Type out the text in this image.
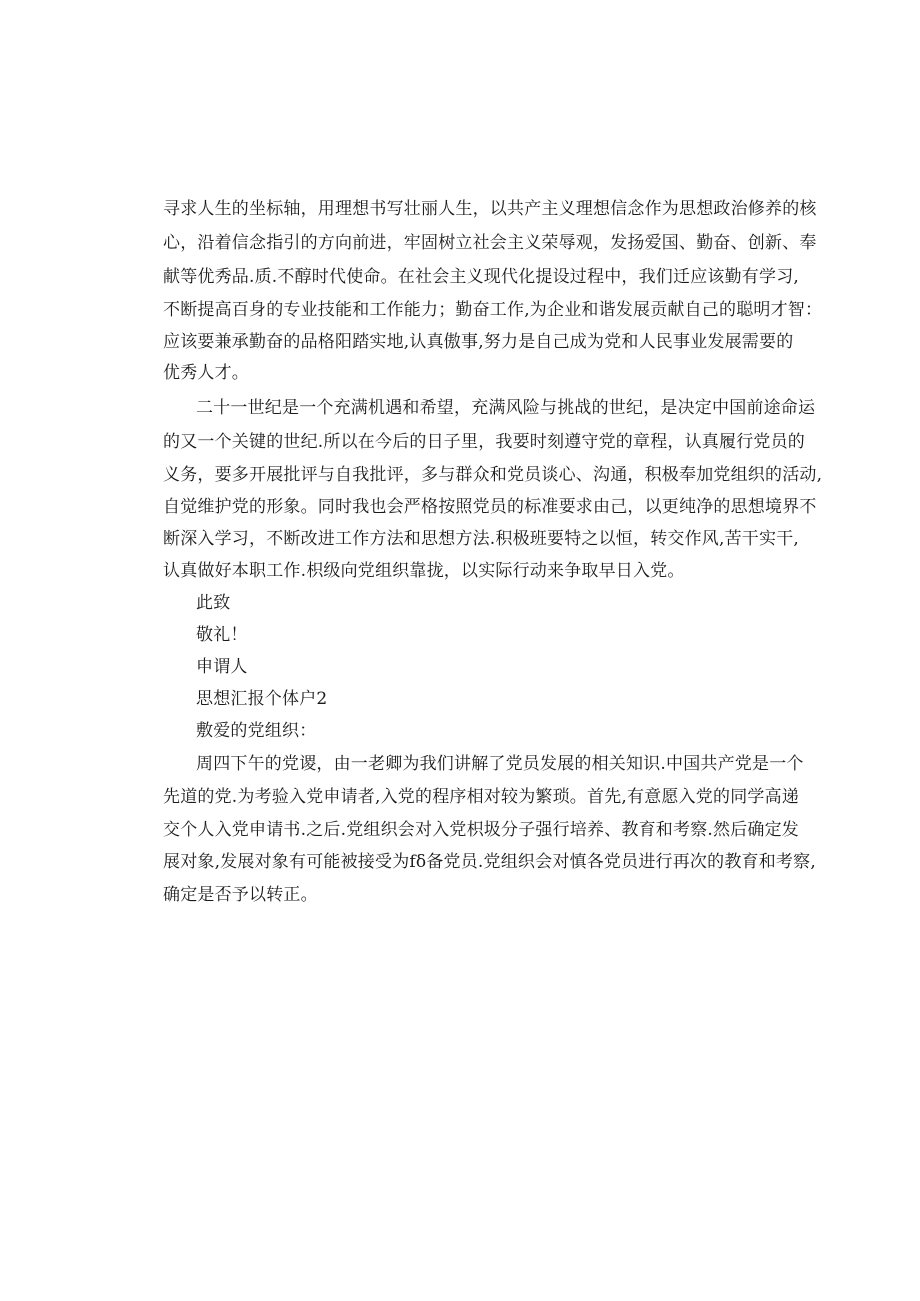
寻求人生的坐标轴，用理想书写壮丽人生，以共产主义理想信念作为思想政治修养的核
心，沿着信念指引的方向前进，牢固树立社会主义荣辱观，发扬爱国、勤奋、创新、奉
献等优秀品.质.不醇时代使命。在社会主义现代化提设过程中，我们迁应该勤有学习,
不断提高百身的专业技能和工作能力；勤奋工作,为企业和谐发展贡献自己的聪明才智：
应该要兼承勤奋的品格阳踏实地,认真傲事,努力是自己成为党和人民事业发展需要的
优秀人才。
二十一世纪是一个充满机遇和希望，充满风险与挑战的世纪，是决定中国前途命运
的又一个关键的世纪.所以在今后的日子里，我要时刻遵守党的章程，认真履行党员的
义务，要多开展批评与自我批评，多与群众和党员谈心、沟通，积极奉加党组织的活动,
自觉维护党的形象。同时我也会严格按照党员的标准要求由己，以更纯净的思想境界不
断深入学习，不断改进工作方法和思想方法.积极班要特之以恒，转交作风,苦干实干,
认真做好本职工作.枳级向党组织靠拢，以实际行动来争取早日入党。
此致
敬礼！
申谓人
思想汇报个体户2
敷爱的党组织：
周四下午的党谡，由一老卿为我们讲解了党员发展的相关知识.中国共产党是一个
先道的党.为考验入党申请者,入党的程序相对较为繁琐。首先,有意愿入党的同学高递
交个人入党申请书.之后.党组织会对入党枳圾分子强行培养、教育和考察.然后确定发
展对象,发展对象有可能被接受为fδ备党员.党组织会对慎各党员进行再次的教育和考察,
确定是否予以转正。
